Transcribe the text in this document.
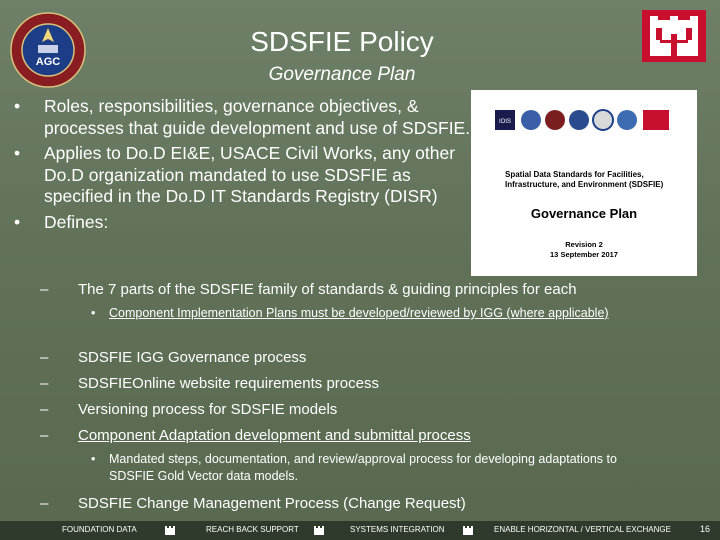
AGC
SDSFIE Policy
Governance Plan
• Roles, responsibilities, governance objectives, & processes that guide development and use of SDSFIE.
• Applies to Do.D EI&E, USACE Civil Works, any other Do.D organization mandated to use SDSFIE as specified in the Do.D IT Standards Registry (DISR)
• Defines:
IOIS
Spatial Data Standards for Facilities, Infrastructure, and Environment (SDSFIE)
Governance Plan
Revision 2
13 September 2017
– The 7 parts of the SDSFIE family of standards & guiding principles for each
• Component Implementation Plans must be developed/reviewed by IGG (where applicable)
– SDSFIE IGG Governance process
– SDSFIEOnline website requirements process
– Versioning process for SDSFIE models
– Component Adaptation development and submittal process
• Mandated steps, documentation, and review/approval process for developing adaptations to SDSFIE Gold Vector data models.
– SDSFIE Change Management Process (Change Request)
FOUNDATION DATA	REACH BACK SUPPORT	SYSTEMS INTEGRATION	ENABLE HORIZONTAL / VERTICAL EXCHANGE	16
